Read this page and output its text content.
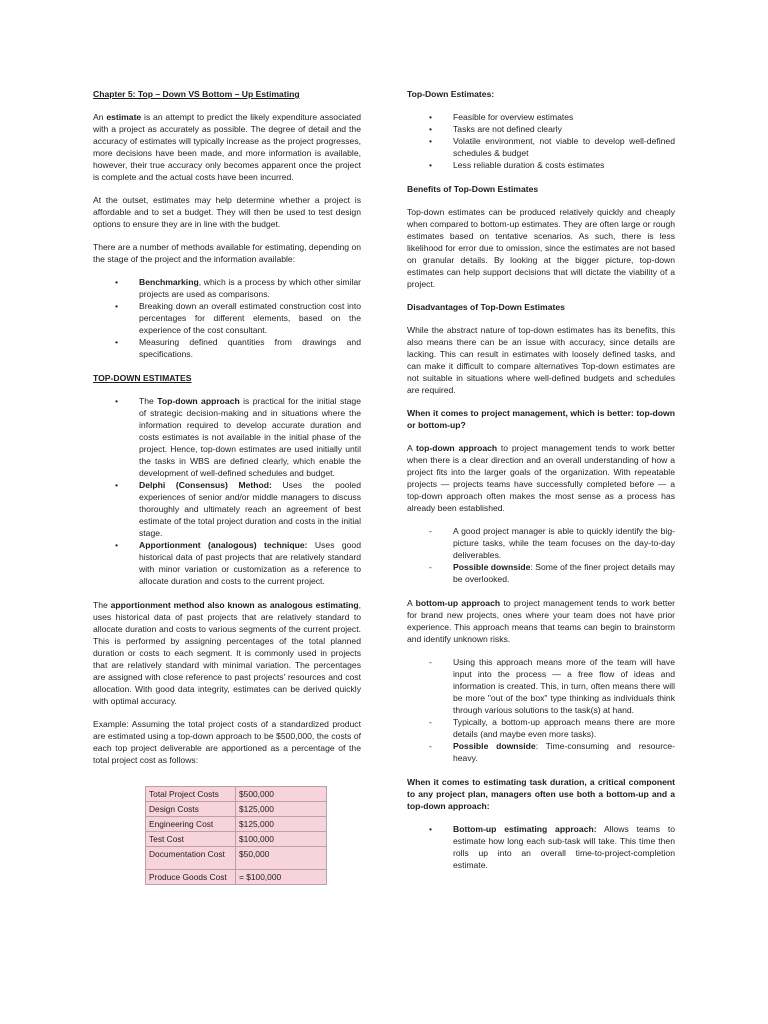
Chapter 5: Top – Down VS Bottom – Up Estimating

An estimate is an attempt to predict the likely expenditure associated with a project as accurately as possible. The degree of detail and the accuracy of estimates will typically increase as the project progresses, more decisions have been made, and more information is available, however, their true accuracy only becomes apparent once the project is complete and the actual costs have been incurred.

At the outset, estimates may help determine whether a project is affordable and to set a budget. They will then be used to test design options to ensure they are in line with the budget.

There are a number of methods available for estimating, depending on the stage of the project and the information available:

• Benchmarking, which is a process by which other similar projects are used as comparisons.
• Breaking down an overall estimated construction cost into percentages for different elements, based on the experience of the cost consultant.
• Measuring defined quantities from drawings and specifications.

TOP-DOWN ESTIMATES

• The Top-down approach is practical for the initial stage of strategic decision-making and in situations where the information required to develop accurate duration and costs estimates is not available in the initial phase of the project. Hence, top-down estimates are used initially until the tasks in WBS are defined clearly, which enable the development of well-defined schedules and budget.
• Delphi (Consensus) Method: Uses the pooled experiences of senior and/or middle managers to discuss thoroughly and ultimately reach an agreement of best estimate of the total project duration and costs in the initial stage.
• Apportionment (analogous) technique: Uses good historical data of past projects that are relatively standard with minor variation or customization as a reference to allocate duration and costs to the current project.

The apportionment method also known as analogous estimating, uses historical data of past projects that are relatively standard to allocate duration and costs to various segments of the current project. This is performed by assigning percentages of the total planned duration or costs to each segment. It is commonly used in projects that are relatively standard with minimal variation. The percentages are assigned with close reference to past projects' resources and cost allocation. With good data integrity, estimates can be derived quickly with optimal accuracy.

Example: Assuming the total project costs of a standardized product are estimated using a top-down approach to be $500,000, the costs of each top project deliverable are apportioned as a percentage of the total project cost as follows:

Total Project Costs	$500,000
Design Costs	$125,000
Engineering Cost	$125,000
Test Cost	$100,000
Documentation Cost	$50,000
Produce Goods Cost	= $100,000

Top-Down Estimates:

• Feasible for overview estimates
• Tasks are not defined clearly
• Volatile environment, not viable to develop well-defined schedules & budget
• Less reliable duration & costs estimates

Benefits of Top-Down Estimates

Top-down estimates can be produced relatively quickly and cheaply when compared to bottom-up estimates. They are often large or rough estimates based on tentative scenarios. As such, there is less likelihood for error due to omission, since the estimates are not based on granular details. By looking at the bigger picture, top-down estimates can help support decisions that will dictate the viability of a project.

Disadvantages of Top-Down Estimates

While the abstract nature of top-down estimates has its benefits, this also means there can be an issue with accuracy, since details are lacking. This can result in estimates with loosely defined tasks, and can make it difficult to compare alternatives Top-down estimates are not suitable in situations where well-defined budgets and schedules are required.

When it comes to project management, which is better: top-down or bottom-up?

A top-down approach to project management tends to work better when there is a clear direction and an overall understanding of how a project fits into the larger goals of the organization. With repeatable projects — projects teams have successfully completed before — a top-down approach often makes the most sense as a process has already been established.

- A good project manager is able to quickly identify the big-picture tasks, while the team focuses on the day-to-day deliverables.
- Possible downside: Some of the finer project details may be overlooked.

A bottom-up approach to project management tends to work better for brand new projects, ones where your team does not have prior experience. This approach means that teams can begin to brainstorm and identify unknown risks.

- Using this approach means more of the team will have input into the process — a free flow of ideas and information is created. This, in turn, often means there will be more "out of the box" type thinking as individuals think through various solutions to the task(s) at hand.
- Typically, a bottom-up approach means there are more details (and maybe even more tasks).
- Possible downside: Time-consuming and resource-heavy.

When it comes to estimating task duration, a critical component to any project plan, managers often use both a bottom-up and a top-down approach:

• Bottom-up estimating approach: Allows teams to estimate how long each sub-task will take. This time then rolls up into an overall time-to-project-completion estimate.
